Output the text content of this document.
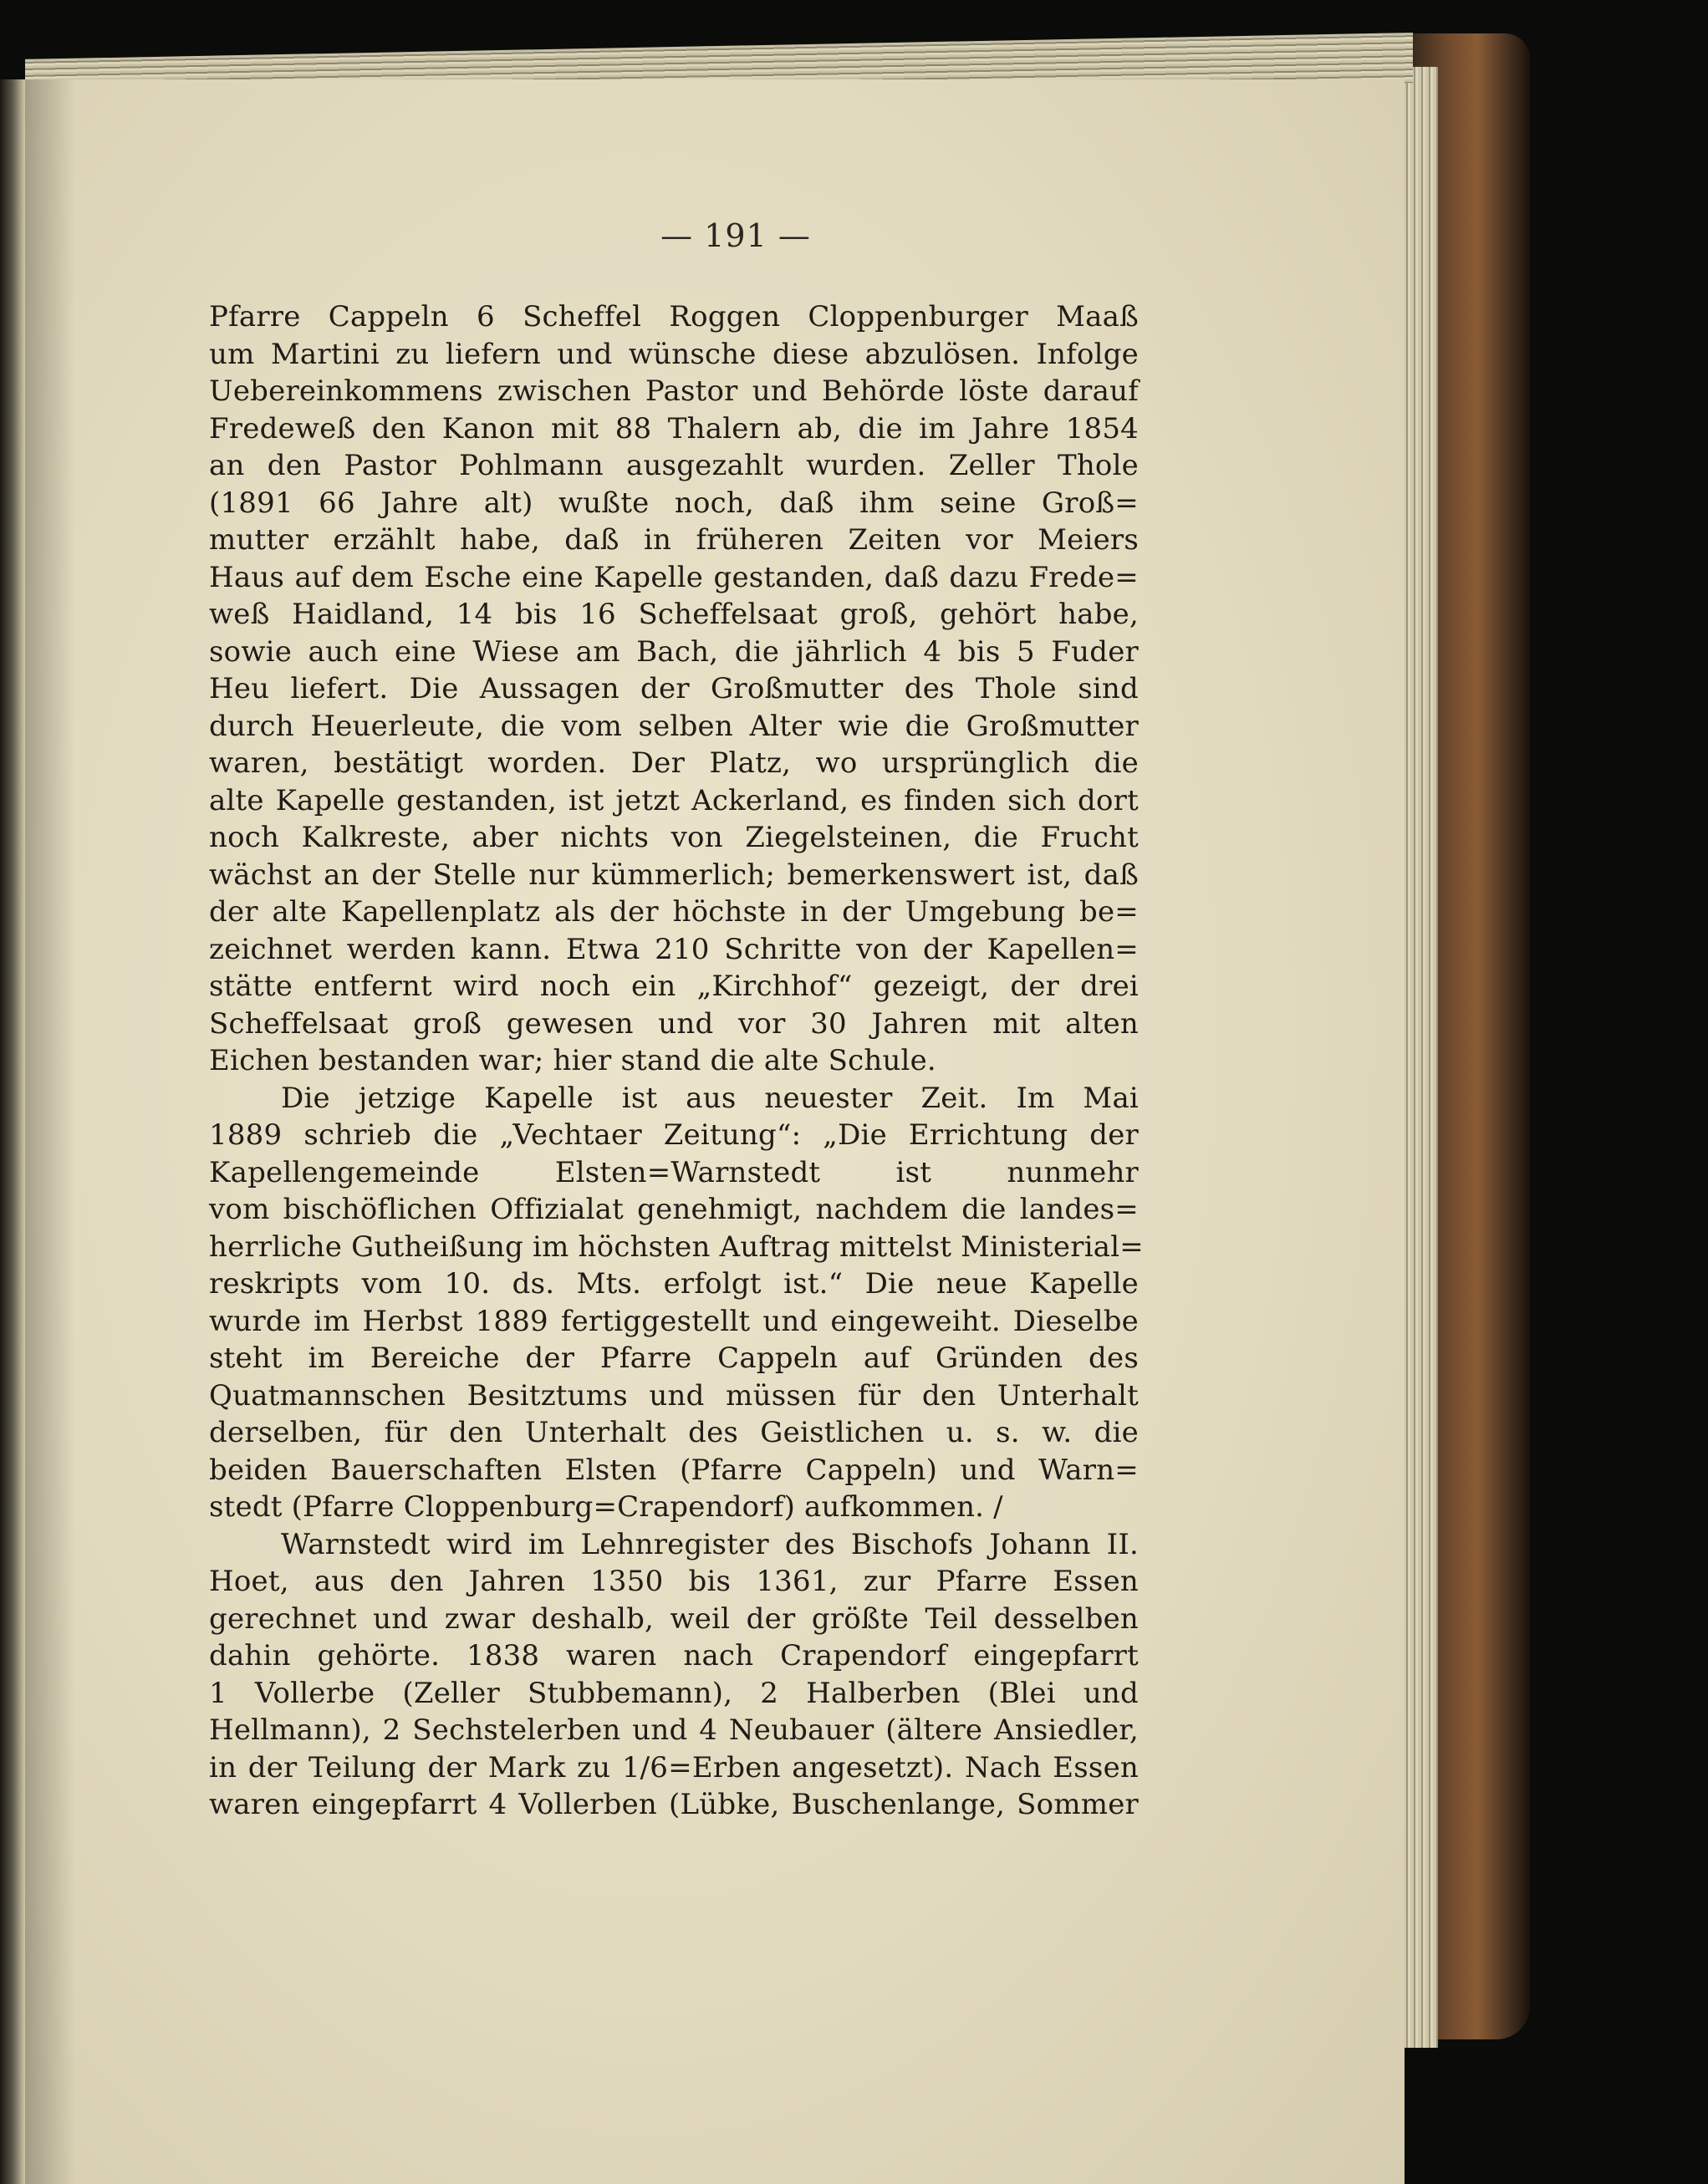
— 191 —
Pfarre Cappeln 6 Scheffel Roggen Cloppenburger Maaß
um Martini zu liefern und wünsche diese abzulösen. Infolge
Uebereinkommens zwischen Pastor und Behörde löste darauf
Fredeweß den Kanon mit 88 Thalern ab, die im Jahre 1854
an den Pastor Pohlmann ausgezahlt wurden. Zeller Thole
(1891 66 Jahre alt) wußte noch, daß ihm seine Groß=
mutter erzählt habe, daß in früheren Zeiten vor Meiers
Haus auf dem Esche eine Kapelle gestanden, daß dazu Frede=
weß Haidland, 14 bis 16 Scheffelsaat groß, gehört habe,
sowie auch eine Wiese am Bach, die jährlich 4 bis 5 Fuder
Heu liefert. Die Aussagen der Großmutter des Thole sind
durch Heuerleute, die vom selben Alter wie die Großmutter
waren, bestätigt worden. Der Platz, wo ursprünglich die
alte Kapelle gestanden, ist jetzt Ackerland, es finden sich dort
noch Kalkreste, aber nichts von Ziegelsteinen, die Frucht
wächst an der Stelle nur kümmerlich; bemerkenswert ist, daß
der alte Kapellenplatz als der höchste in der Umgebung be=
zeichnet werden kann. Etwa 210 Schritte von der Kapellen=
stätte entfernt wird noch ein „Kirchhof“ gezeigt, der drei
Scheffelsaat groß gewesen und vor 30 Jahren mit alten
Eichen bestanden war; hier stand die alte Schule.
Die jetzige Kapelle ist aus neuester Zeit. Im Mai
1889 schrieb die „Vechtaer Zeitung“: „Die Errichtung der
Kapellengemeinde Elsten=Warnstedt ist nunmehr
vom bischöflichen Offizialat genehmigt, nachdem die landes=
herrliche Gutheißung im höchsten Auftrag mittelst Ministerial=
reskripts vom 10. ds. Mts. erfolgt ist.“ Die neue Kapelle
wurde im Herbst 1889 fertiggestellt und eingeweiht. Dieselbe
steht im Bereiche der Pfarre Cappeln auf Gründen des
Quatmannschen Besitztums und müssen für den Unterhalt
derselben, für den Unterhalt des Geistlichen u. s. w. die
beiden Bauerschaften Elsten (Pfarre Cappeln) und Warn=
stedt (Pfarre Cloppenburg=Crapendorf) aufkommen. /
Warnstedt wird im Lehnregister des Bischofs Johann II.
Hoet, aus den Jahren 1350 bis 1361, zur Pfarre Essen
gerechnet und zwar deshalb, weil der größte Teil desselben
dahin gehörte. 1838 waren nach Crapendorf eingepfarrt
1 Vollerbe (Zeller Stubbemann), 2 Halberben (Blei und
Hellmann), 2 Sechstelerben und 4 Neubauer (ältere Ansiedler,
in der Teilung der Mark zu 1/6=Erben angesetzt). Nach Essen
waren eingepfarrt 4 Vollerben (Lübke, Buschenlange, Sommer
